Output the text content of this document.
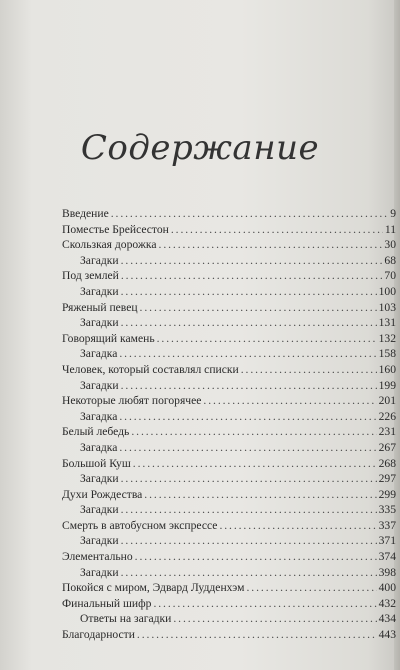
Содержание
Введение . . .	9
Поместье Брейсестон . . .	11
Скользкая дорожка . . .	30
Загадки . . .	68
Под землей . . .	70
Загадки . . .	100
Ряженый певец . . .	103
Загадки . . .	131
Говорящий камень . . .	132
Загадка . . .	158
Человек, который составлял списки . . .	160
Загадки . . .	199
Некоторые любят погорячее . . .	201
Загадка . . .	226
Белый лебедь . . .	231
Загадка . . .	267
Большой Куш . . .	268
Загадки . . .	297
Духи Рождества . . .	299
Загадки . . .	335
Смерть в автобусном экспрессе . . .	337
Загадки . . .	371
Элементально . . .	374
Загадки . . .	398
Покойся с миром, Эдвард Лудденхэм . . .	400
Финальный шифр . . .	432
Ответы на загадки . . .	434
Благодарности . . .	443
